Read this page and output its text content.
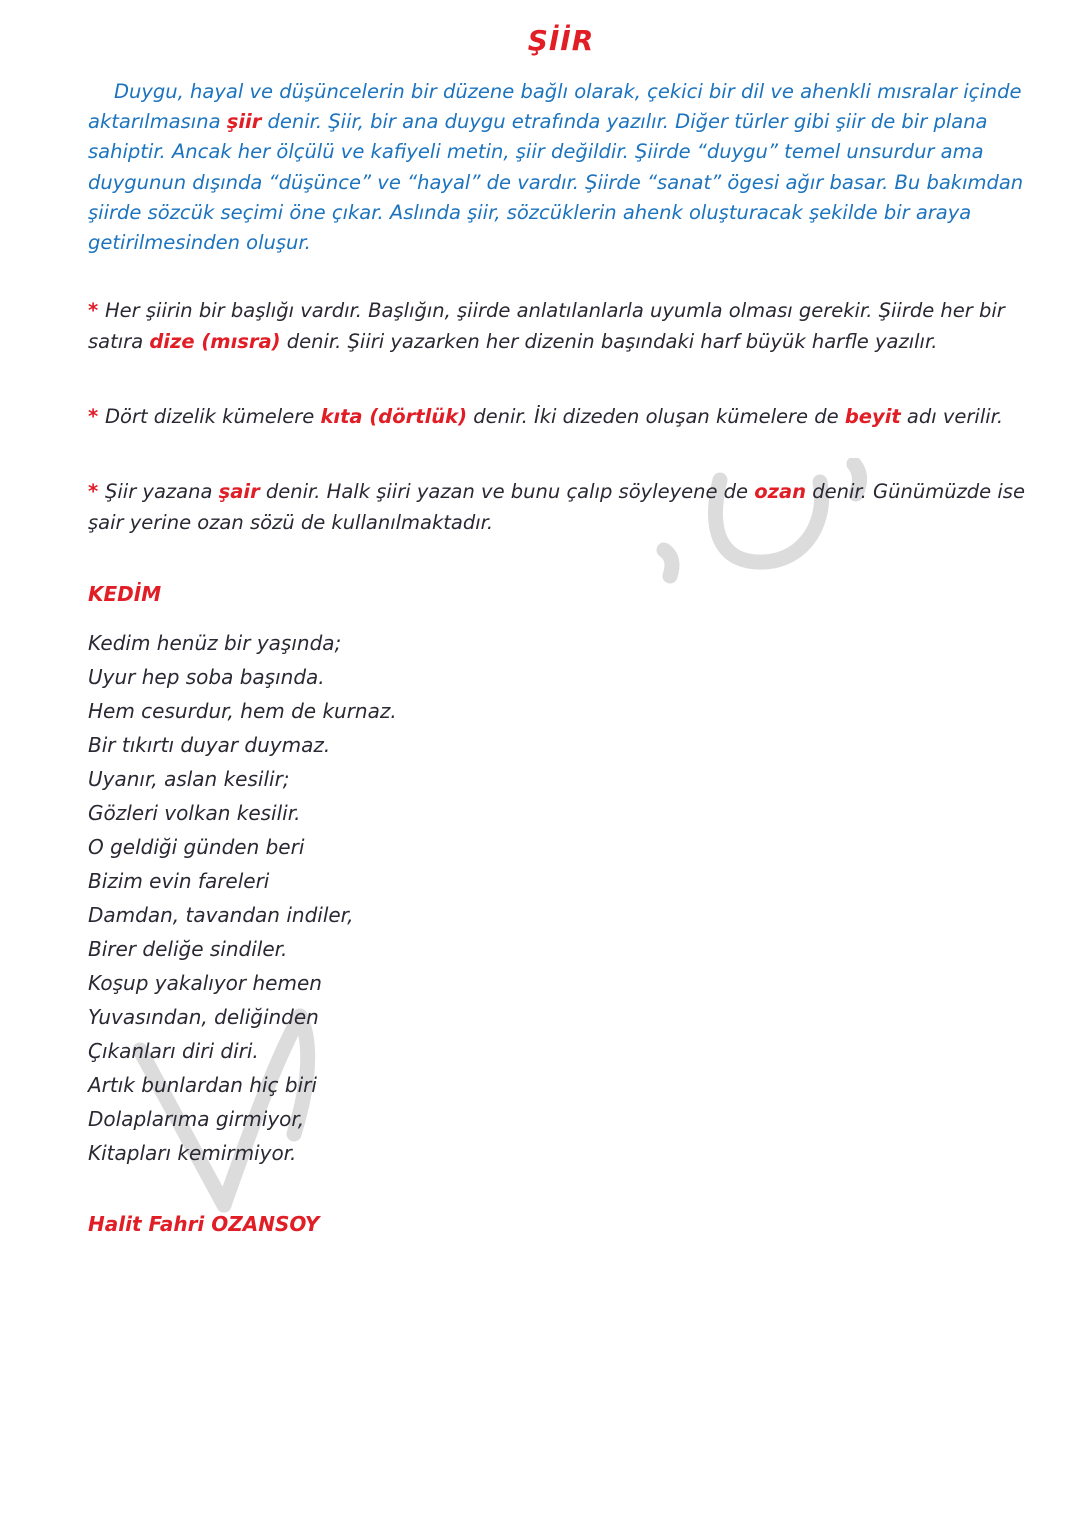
ŞİİR

Duygu, hayal ve düşüncelerin bir düzene bağlı olarak, çekici bir dil ve ahenkli mısralar içinde aktarılmasına şiir denir. Şiir, bir ana duygu etrafında yazılır. Diğer türler gibi şiir de bir plana sahiptir. Ancak her ölçülü ve kafiyeli metin, şiir değildir. Şiirde “duygu” temel unsurdur ama duygunun dışında “düşünce” ve “hayal” de vardır. Şiirde “sanat” ögesi ağır basar. Bu bakımdan şiirde sözcük seçimi öne çıkar. Aslında şiir, sözcüklerin ahenk oluşturacak şekilde bir araya getirilmesinden oluşur.

* Her şiirin bir başlığı vardır. Başlığın, şiirde anlatılanlarla uyumla olması gerekir. Şiirde her bir satıra dize (mısra) denir. Şiiri yazarken her dizenin başındaki harf büyük harfle yazılır.

* Dört dizelik kümelere kıta (dörtlük) denir. İki dizeden oluşan kümelere de beyit adı verilir.

* Şiir yazana şair denir. Halk şiiri yazan ve bunu çalıp söyleyene de ozan denir. Günümüzde ise şair yerine ozan sözü de kullanılmaktadır.

KEDİM
Kedim henüz bir yaşında;
Uyur hep soba başında.
Hem cesurdur, hem de kurnaz.
Bir tıkırtı duyar duymaz.
Uyanır, aslan kesilir;
Gözleri volkan kesilir.
O geldiği günden beri
Bizim evin fareleri
Damdan, tavandan indiler,
Birer deliğe sindiler.
Koşup yakalıyor hemen
Yuvasından, deliğinden
Çıkanları diri diri.
Artık bunlardan hiç biri
Dolaplarıma girmiyor,
Kitapları kemirmiyor.

Halit Fahri OZANSOY
